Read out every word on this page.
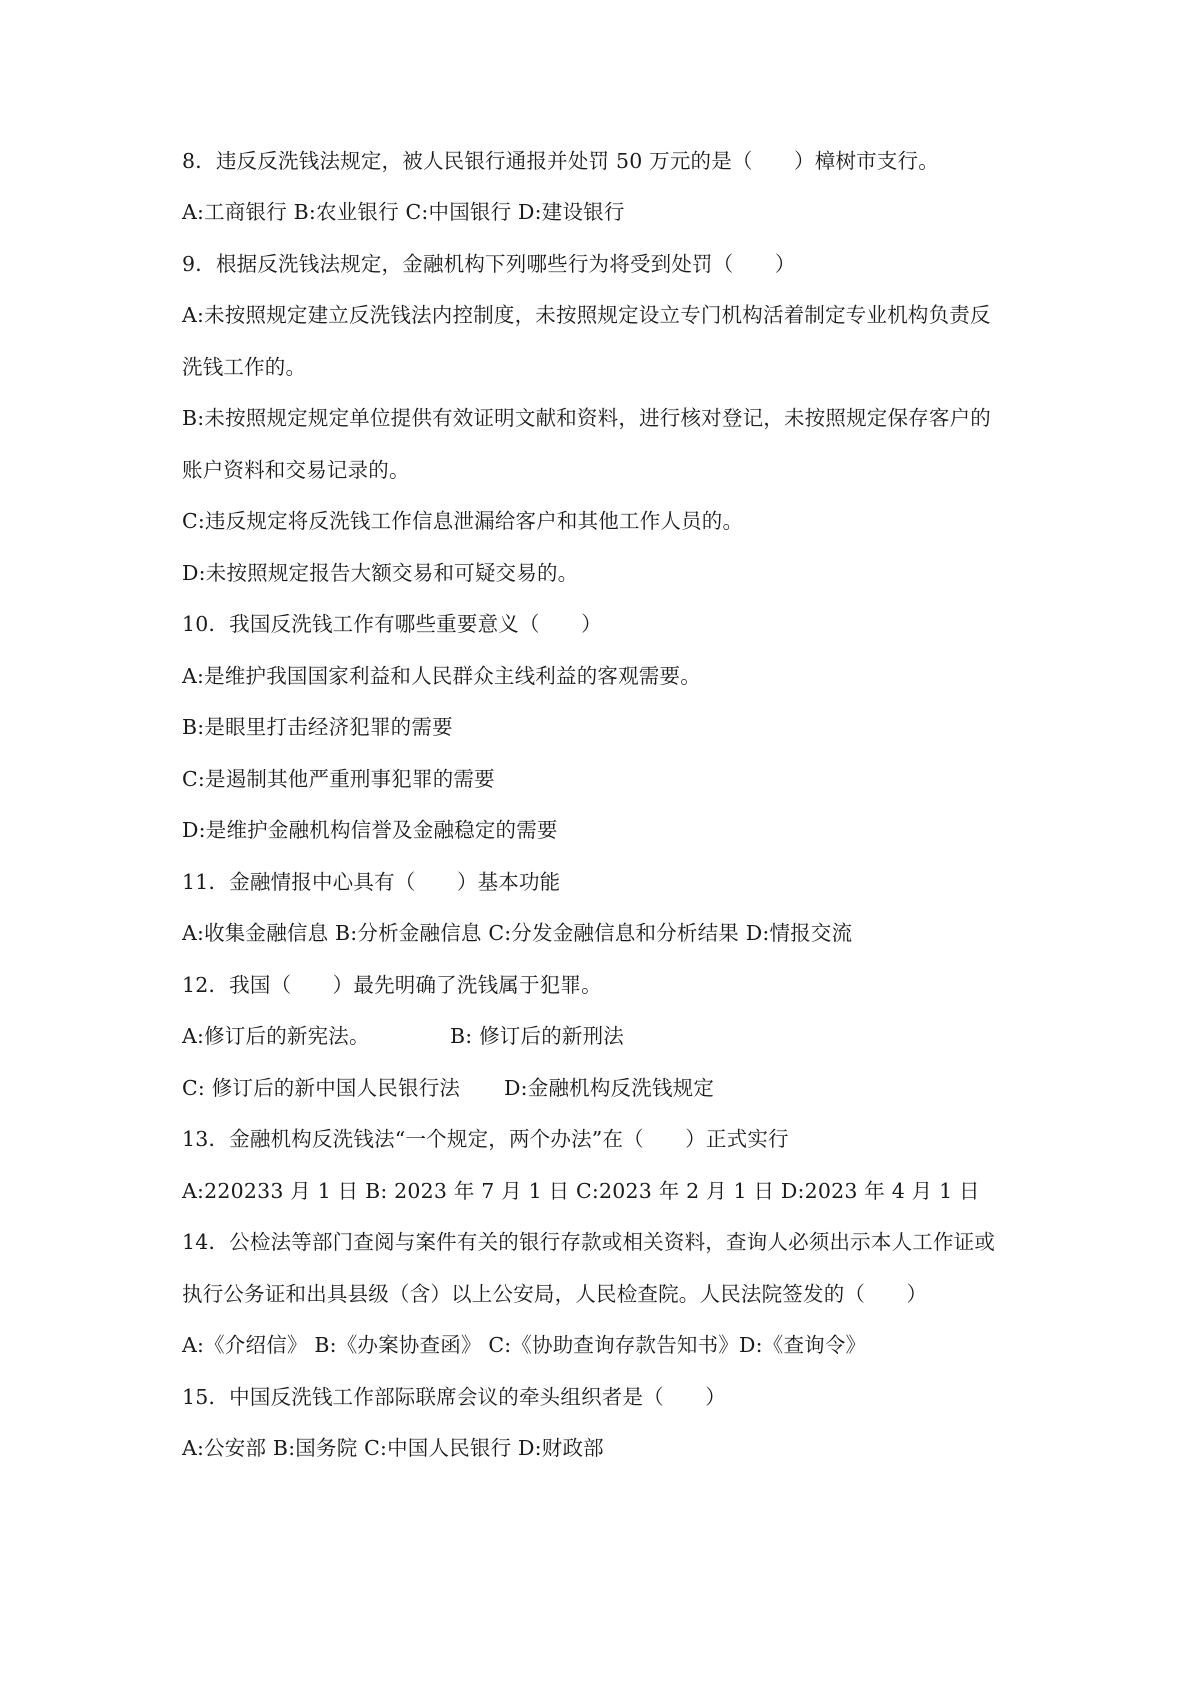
8．违反反洗钱法规定，被人民银行通报并处罚 50 万元的是（　　）樟树市支行。
A:工商银行 B:农业银行 C:中国银行 D:建设银行
9．根据反洗钱法规定，金融机构下列哪些行为将受到处罚（　　）
A:未按照规定建立反洗钱法内控制度，未按照规定设立专门机构活着制定专业机构负责反
洗钱工作的。
B:未按照规定规定单位提供有效证明文献和资料，进行核对登记，未按照规定保存客户的
账户资料和交易记录的。
C:违反规定将反洗钱工作信息泄漏给客户和其他工作人员的。
D:未按照规定报告大额交易和可疑交易的。
10．我国反洗钱工作有哪些重要意义（　　）
A:是维护我国国家利益和人民群众主线利益的客观需要。
B:是眼里打击经济犯罪的需要
C:是遏制其他严重刑事犯罪的需要
D:是维护金融机构信誉及金融稳定的需要
11．金融情报中心具有（　　）基本功能
A:收集金融信息 B:分析金融信息 C:分发金融信息和分析结果 D:情报交流
12．我国（　　）最先明确了洗钱属于犯罪。
A:修订后的新宪法。	B: 修订后的新刑法
C: 修订后的新中国人民银行法 D:金融机构反洗钱规定
13．金融机构反洗钱法“一个规定，两个办法”在（　　）正式实行
A:220233 月 1 日 B: 2023 年 7 月 1 日 C:2023 年 2 月 1 日 D:2023 年 4 月 1 日
14．公检法等部门查阅与案件有关的银行存款或相关资料，查询人必须出示本人工作证或
执行公务证和出具县级（含）以上公安局，人民检查院。人民法院签发的（　　）
A:《介绍信》 B:《办案协查函》 C:《协助查询存款告知书》D:《查询令》
15．中国反洗钱工作部际联席会议的牵头组织者是（　　）
A:公安部 B:国务院 C:中国人民银行 D:财政部
